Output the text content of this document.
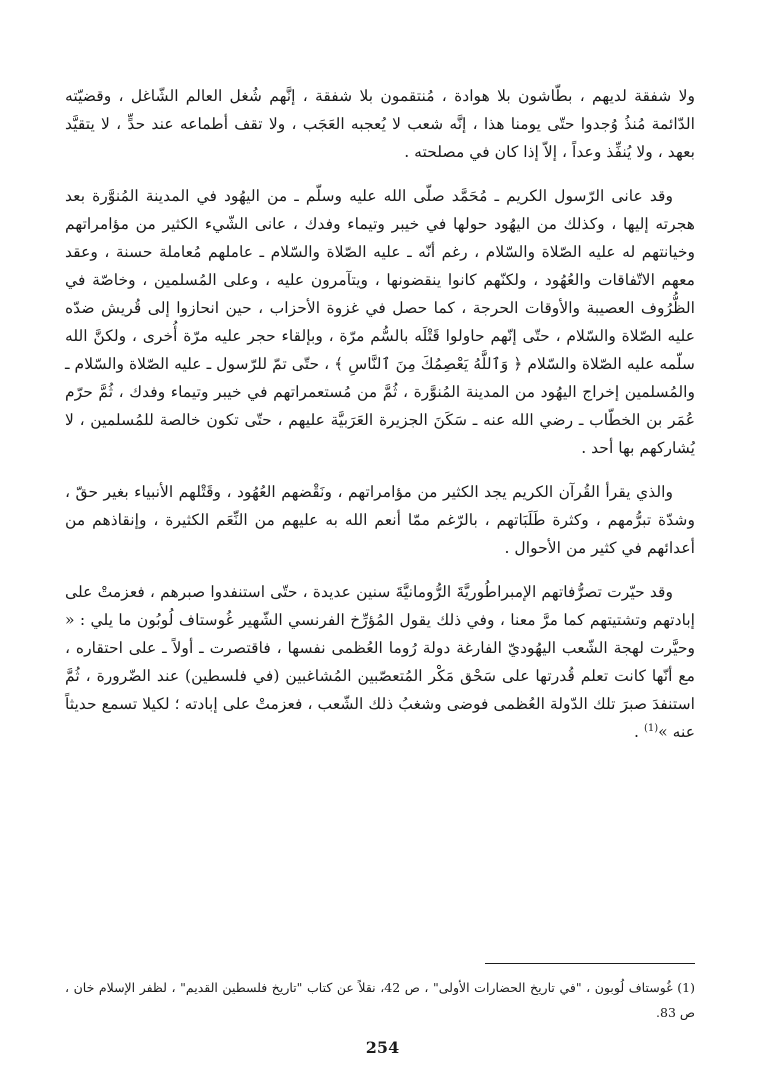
ولا شفقة لديهم ، بطّاشون بلا هوادة ، مُنتقمون بلا شفقة ، إنَّهم شُغل العالم الشّاغل ، وقضيّته الدّائمة مُنذُ وُجدوا حتّى يومنا هذا ، إنَّه شعب لا يُعجبه العَجَب ، ولا تقف أطماعه عند حدٍّ ، لا يتقيَّد بعهد ، ولا يُنفِّذ وعداً ، إلاّ إذا كان في مصلحته .

وقد عانى الرّسول الكريم ـ مُحَمَّد صلّى الله عليه وسلّم ـ من اليهُود في المدينة المُنوَّرة بعد هجرته إليها ، وكذلك من اليهُود حولها في خيبر وتيماء وفدك ، عانى الشّيء الكثير من مؤامراتهم وخيانتهم له عليه الصّلاة والسّلام ، رغم أنّه ـ عليه الصّلاة والسّلام ـ عاملهم مُعاملة حسنة ، وعقد معهم الاتّفاقات والعُهُود ، ولكنّهم كانوا ينقضونها ، ويتآمرون عليه ، وعلى المُسلمين ، وخاصّة في الظُّرُوف العصيبة والأوقات الحرجة ، كما حصل في غزوة الأحزاب ، حين انحازوا إلى قُريش ضدّه عليه الصّلاة والسّلام ، حتّى إنّهم حاولوا قَتْلَه بالسُّم مرّة ، وبإلقاء حجر عليه مرّة أُخرى ، ولكنَّ الله سلّمه عليه الصّلاة والسّلام ﴿ وَٱللَّهُ يَعْصِمُكَ مِنَ ٱلنَّاسِ ﴾ ، حتّى تمّ للرّسول ـ عليه الصّلاة والسّلام ـ والمُسلمين إخراج اليهُود من المدينة المُنوَّرة ، ثُمَّ من مُستعمراتهم في خيبر وتيماء وفدك ، ثُمَّ حرّم عُمَر بن الخطّاب ـ رضي الله عنه ـ سَكَنَ الجزيرة العَرَبيَّة عليهم ، حتّى تكون خالصة للمُسلمين ، لا يُشاركهم بها أحد .

والذي يقرأ القُرآن الكريم يجد الكثير من مؤامراتهم ، ونَقْضهم العُهُود ، وقَتْلهم الأنبياء بغير حقّ ، وشدّة تبرُّمهم ، وكثرة طَلَبَاتهم ، بالرّغم ممّا أنعم الله به عليهم من النِّعَم الكثيرة ، وإنقاذهم من أعدائهم في كثير من الأحوال .

وقد حيّرت تصرُّفاتهم الإمبراطُوريَّةَ الرُّومانيَّةَ سنين عديدة ، حتّى استنفدوا صبرهم ، فعزمتْ على إبادتهم وتشتيتهم كما مرَّ معنا ، وفي ذلك يقول المُؤرِّخ الفرنسي الشّهير غُوستاف لُوبُون ما يلي : « وحيَّرت لهجة الشّعب اليهُوديّ الفارغة دولة رُوما العُظمى نفسها ، فاقتصرت ـ أولاً ـ على احتقاره ، مع أنّها كانت تعلم قُدرتها على سَحْق مَكْر المُتعصّبين المُشاغبين (في فلسطين) عند الضّرورة ، ثُمَّ استنفدَ صبرَ تلك الدّولة العُظمى فوضى وشغبُ ذلك الشّعب ، فعزمتْ على إبادته ؛ لكيلا تسمع حديثاً عنه »$^{(1)}$ .

(1) غُوستاف لُوبون ، "في تاريخ الحضارات الأولى" ، ص 42، نقلاً عن كتاب "تاريخ فلسطين القديم" ، لظفر الإسلام خان ، ص 83.

254
